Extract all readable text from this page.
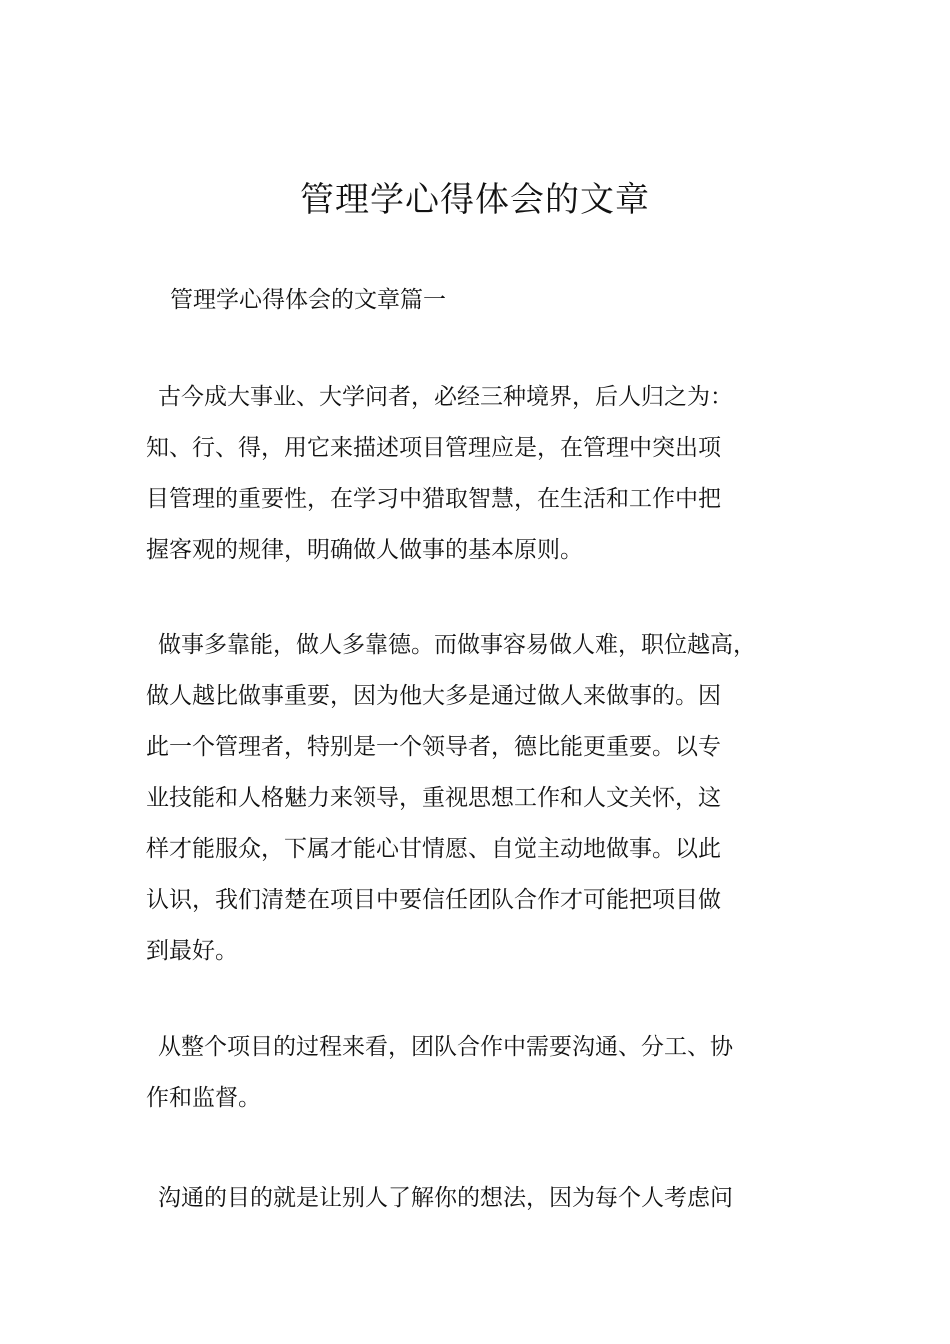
管理学心得体会的文章

管理学心得体会的文章篇一

古今成大事业、大学问者，必经三种境界，后人归之为：
知、行、得，用它来描述项目管理应是，在管理中突出项
目管理的重要性，在学习中猎取智慧，在生活和工作中把
握客观的规律，明确做人做事的基本原则。

做事多靠能，做人多靠德。而做事容易做人难，职位越高，
做人越比做事重要，因为他大多是通过做人来做事的。因
此一个管理者，特别是一个领导者，德比能更重要。以专
业技能和人格魅力来领导，重视思想工作和人文关怀，这
样才能服众，下属才能心甘情愿、自觉主动地做事。以此
认识，我们清楚在项目中要信任团队合作才可能把项目做
到最好。

从整个项目的过程来看，团队合作中需要沟通、分工、协
作和监督。

沟通的目的就是让别人了解你的想法，因为每个人考虑问
